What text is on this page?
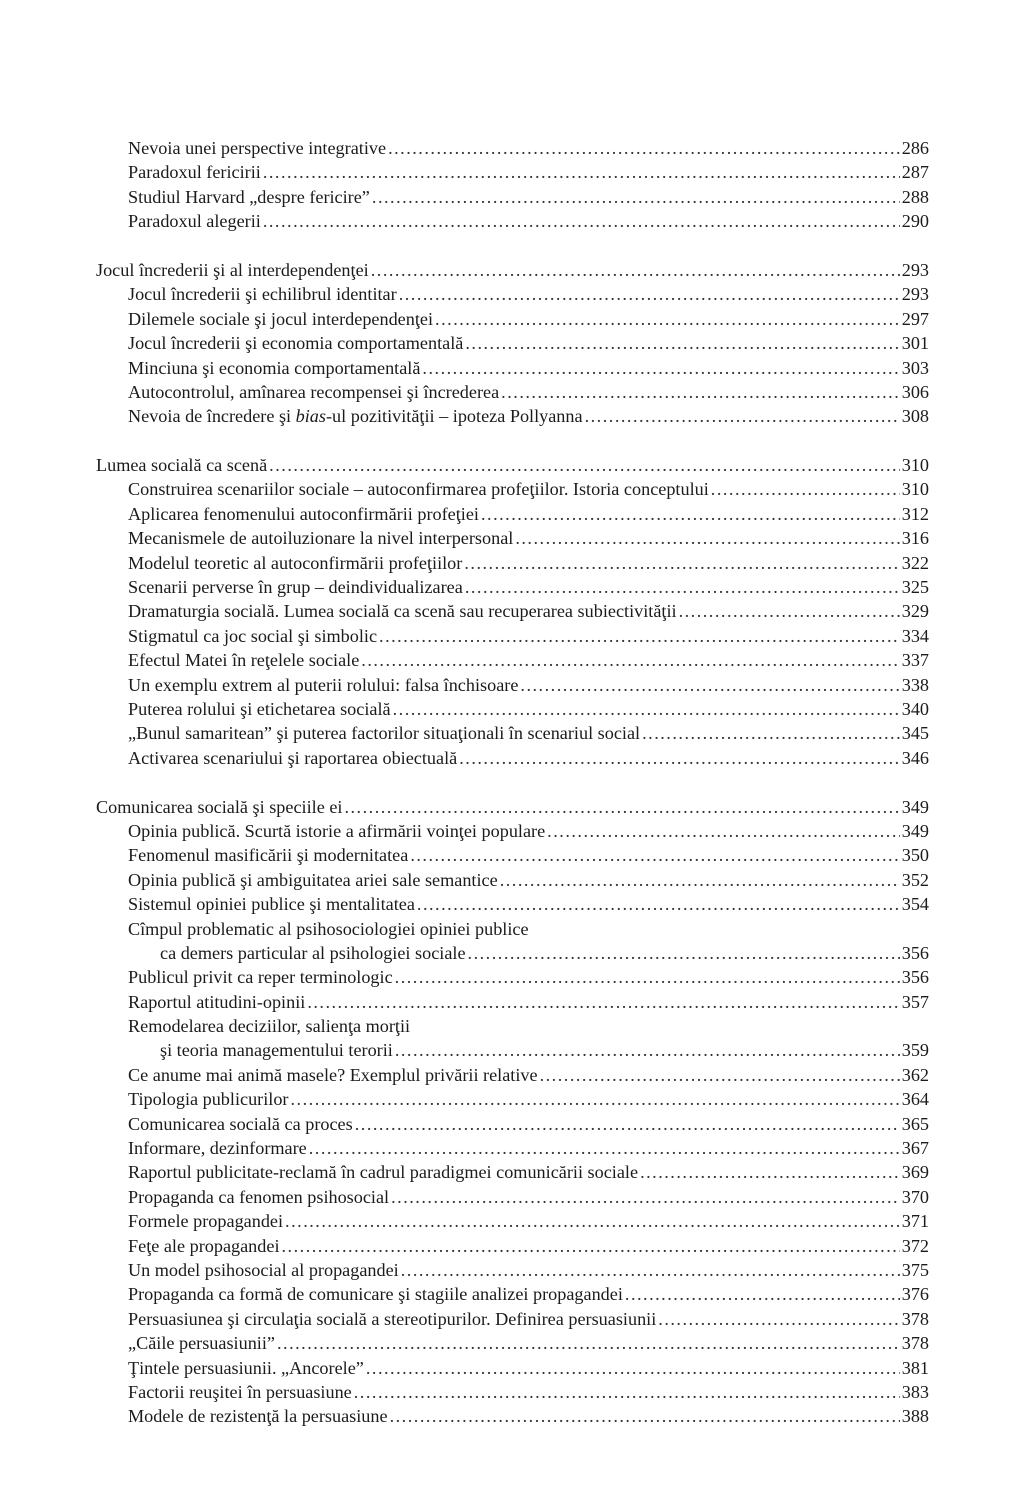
Nevoia unei perspective integrative .....	286
Paradoxul fericirii .....	287
Studiul Harvard „despre fericire” .....	288
Paradoxul alegerii .....	290
Jocul încrederii şi al interdependenţei .....	293
Jocul încrederii şi echilibrul identitar .....	293
Dilemele sociale şi jocul interdependenţei .....	297
Jocul încrederii şi economia comportamentală .....	301
Minciuna şi economia comportamentală .....	303
Autocontrolul, amînarea recompensei şi încrederea .....	306
Nevoia de încredere şi bias-ul pozitivităţii – ipoteza Pollyanna .....	308
Lumea socială ca scenă .....	310
Construirea scenariilor sociale – autoconfirmarea profeţiilor. Istoria conceptului .....	310
Aplicarea fenomenului autoconfirmării profeţiei .....	312
Mecanismele de autoiluzionare la nivel interpersonal .....	316
Modelul teoretic al autoconfirmării profeţiilor .....	322
Scenarii perverse în grup – deindividualizarea .....	325
Dramaturgia socială. Lumea socială ca scenă sau recuperarea subiectivităţii .....	329
Stigmatul ca joc social şi simbolic .....	334
Efectul Matei în reţelele sociale .....	337
Un exemplu extrem al puterii rolului: falsa închisoare .....	338
Puterea rolului şi etichetarea socială .....	340
„Bunul samaritean” şi puterea factorilor situaţionali în scenariul social .....	345
Activarea scenariului şi raportarea obiectuală .....	346
Comunicarea socială şi speciile ei .....	349
Opinia publică. Scurtă istorie a afirmării voinţei populare .....	349
Fenomenul masificării şi modernitatea .....	350
Opinia publică şi ambiguitatea ariei sale semantice .....	352
Sistemul opiniei publice şi mentalitatea .....	354
Cîmpul problematic al psihosociologiei opiniei publice
ca demers particular al psihologiei sociale .....	356
Publicul privit ca reper terminologic .....	356
Raportul atitudini-opinii .....	357
Remodelarea deciziilor, salienţa morţii
şi teoria managementului terorii .....	359
Ce anume mai animă masele? Exemplul privării relative .....	362
Tipologia publicurilor .....	364
Comunicarea socială ca proces .....	365
Informare, dezinformare .....	367
Raportul publicitate-reclamă în cadrul paradigmei comunicării sociale .....	369
Propaganda ca fenomen psihosocial .....	370
Formele propagandei .....	371
Feţe ale propagandei .....	372
Un model psihosocial al propagandei .....	375
Propaganda ca formă de comunicare şi stagiile analizei propagandei .....	376
Persuasiunea şi circulaţia socială a stereotipurilor. Definirea persuasiunii .....	378
„Căile persuasiunii” .....	378
Ţintele persuasiunii. „Ancorele” .....	381
Factorii reuşitei în persuasiune .....	383
Modele de rezistenţă la persuasiune .....	388
